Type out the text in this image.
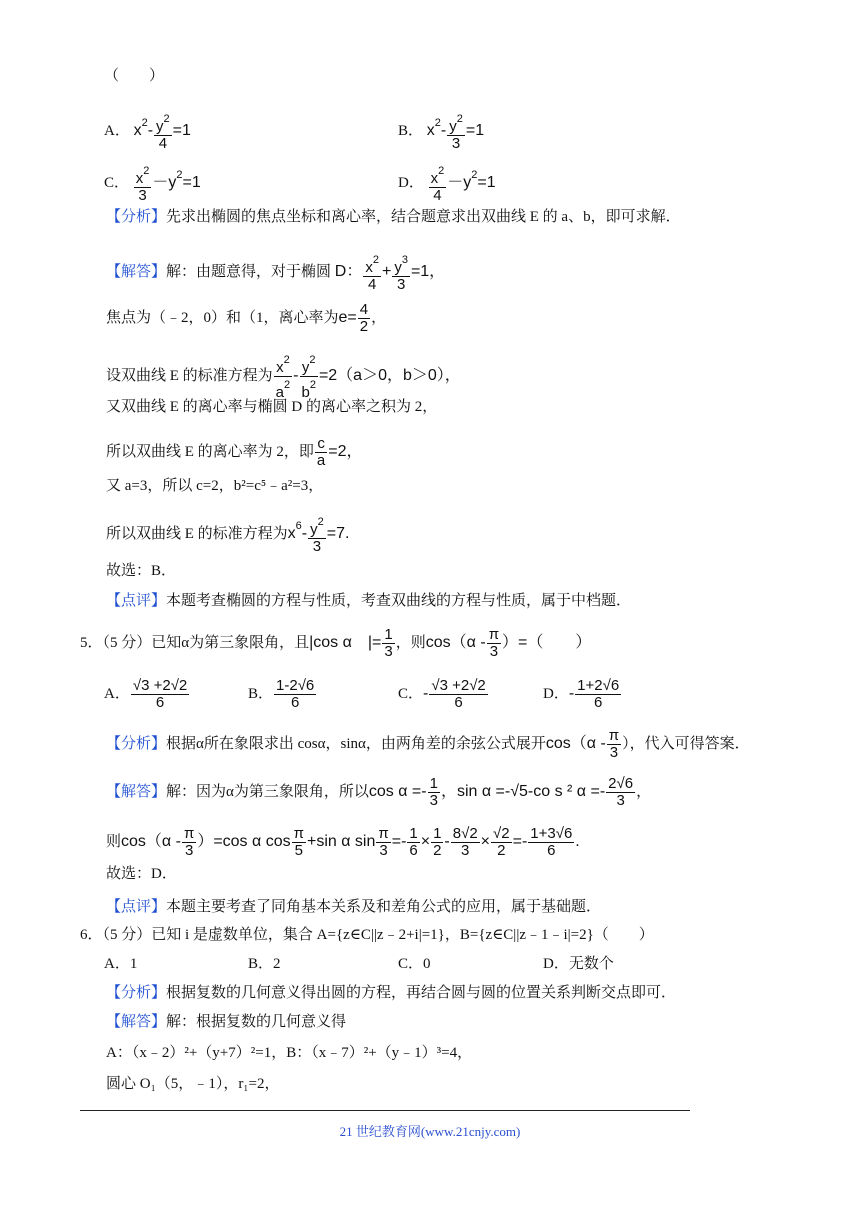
（　　）
A． $x^2- \frac{y^2}{4} =1$	B． $x^2- \frac{y^2}{3} =1$
C． $\frac{x^2}{3} -y^2=1$	D． $\frac{x^2}{4} -y^2=1$
【分析】先求出椭圆的焦点坐标和离心率，结合题意求出双曲线 E 的 a、b，即可求解．
【解答】解：由题意得，对于椭圆 D： $\frac{x^2}{4} + \frac{y^3}{3} =1$，
焦点为（﹣2，0）和（1，离心率为$e= \frac{4}{2}$ ，
设双曲线 E 的标准方程为 $\frac{x^2}{a^2} - \frac{y^2}{b^2} =2(a>0$，b＞0），
又双曲线 E 的离心率与椭圆 D 的离心率之积为 2，
所以双曲线 E 的离心率为 2，即 $\frac{c}{a} =2$，
又 a=3，所以 c=2，b²=c⁵﹣a²=3，
所以双曲线 E 的标准方程为$x^6- \frac{y^2}{3} =7$.
故选：B．
【点评】本题考查椭圆的方程与性质，考查双曲线的方程与性质，属于中档题．
5．（5 分）已知α为第三象限角，且|cos α　|= $\frac{1}{3}$ ，则$\cos(\alpha - \frac{\pi}{3}$ ）=（　　）
A． $\frac{√3 +2√2}{6}$	B． $\frac{1-2√6}{6}$	C．- $\frac{√3 +2√2}{6}$	D．- $\frac{1+2√6}{6}$
【分析】根据α所在象限求出 cosα，sinα，由两角差的余弦公式展开$\cos(\alpha - \frac{\pi}{3}$ ），代入可得答案．
【解答】解：因为α为第三象限角，所以$\cos \alpha =- \frac{1}{3}$ ，sin α =-√5-co s ² $\alpha =- \frac{2√6}{3}$ ，
则$\cos(\alpha - \frac{\pi}{3} )=\cos$ α $\cos \frac{\pi}{5} +\sin$ α $\sin \frac{\pi}{3} =- \frac{1}{6} \times \frac{1}{2} - \frac{8√2}{3} \times \frac{√2}{2} =- \frac{1+3√6}{6}$ .
故选：D．
【点评】本题主要考查了同角基本关系及和差角公式的应用，属于基础题．
6．（5 分）已知 i 是虚数单位，集合 A={z∈C||z﹣2+i|=1}，B={z∈C||z﹣1﹣i|=2}（　　）
A．1	B．2	C．0	D．无数个
【分析】根据复数的几何意义得出圆的方程，再结合圆与圆的位置关系判断交点即可．
【解答】解：根据复数的几何意义得
A：（x﹣2）²+（y+7）²=1，B：（x﹣7）²+（y﹣1）³=4，
圆心 O₁（5，﹣1），r₁=2，
21 世纪教育网(www.21cnjy.com)
